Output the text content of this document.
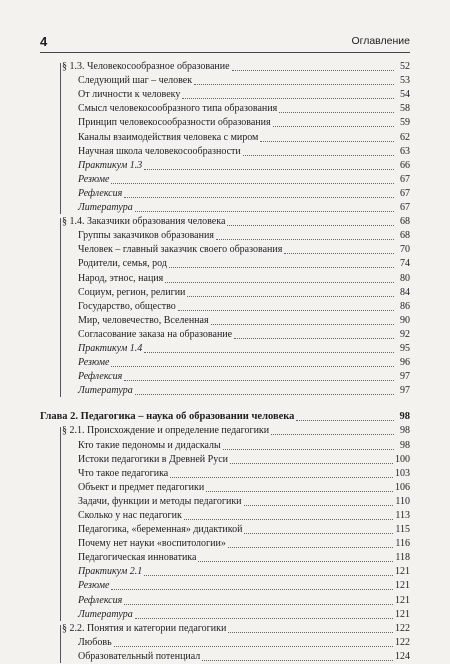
4	Оглавление
§ 1.3. Человекосообразное образование	52
Следующий шаг – человек	53
От личности к человеку	54
Смысл человекосообразного типа образования	58
Принцип человекосообразности образования	59
Каналы взаимодействия человека с миром	62
Научная школа человекосообразности	63
Практикум 1.3	66
Резюме	67
Рефлексия	67
Литература	67
§ 1.4. Заказчики образования человека	68
Группы заказчиков образования	68
Человек – главный заказчик своего образования	70
Родители, семья, род	74
Народ, этнос, нация	80
Социум, регион, религии	84
Государство, общество	86
Мир, человечество, Вселенная	90
Согласование заказа на образование	92
Практикум 1.4	95
Резюме	96
Рефлексия	97
Литература	97
Глава 2. Педагогика – наука об образовании человека	98
§ 2.1. Происхождение и определение педагогики	98
Кто такие педономы и дидаскалы	98
Истоки педагогики в Древней Руси	100
Что такое педагогика	103
Объект и предмет педагогики	106
Задачи, функции и методы педагогики	110
Сколько у нас педагогик	113
Педагогика, «беременная» дидактикой	115
Почему нет науки «воспитологии»	116
Педагогическая инноватика	118
Практикум 2.1	121
Резюме	121
Рефлексия	121
Литература	121
§ 2.2. Понятия и категории педагогики	122
Любовь	122
Образовательный потенциал	124
